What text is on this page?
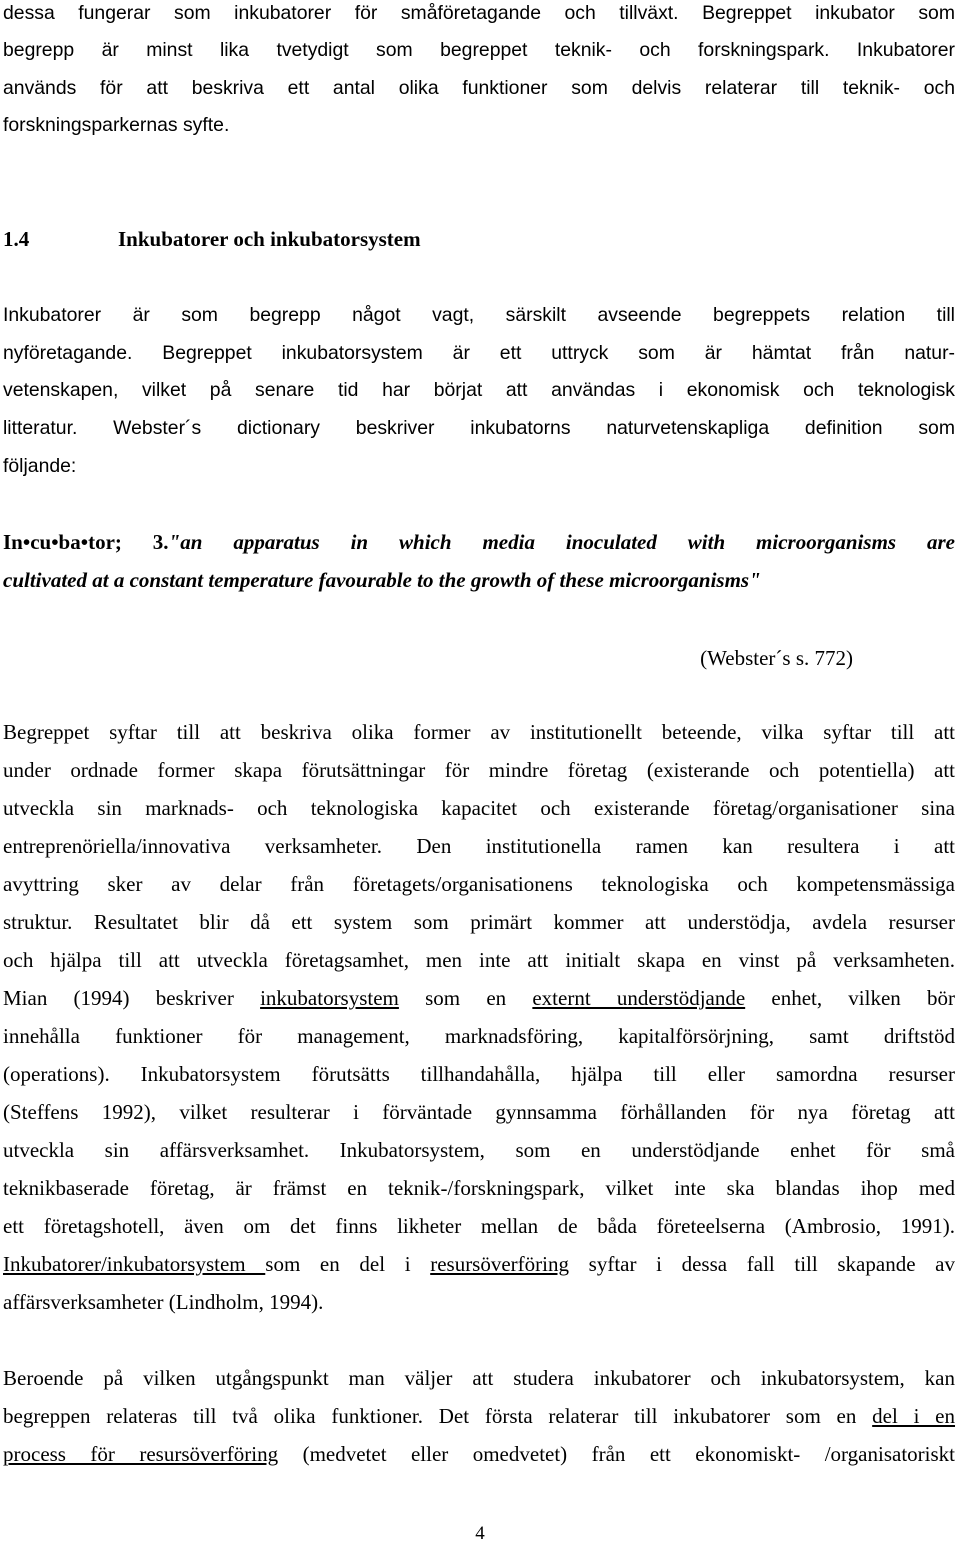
dessa fungerar som inkubatorer för småföretagande och tillväxt. Begreppet inkubator som
begrepp är minst lika tvetydigt som begreppet teknik- och forskningspark. Inkubatorer
används för att beskriva ett antal olika funktioner som delvis relaterar till teknik- och
forskningsparkernas syfte.
1.4	Inkubatorer och inkubatorsystem
Inkubatorer är som begrepp något vagt, särskilt avseende begreppets relation till
nyföretagande. Begreppet inkubatorsystem är ett uttryck som är hämtat från natur-
vetenskapen, vilket på senare tid har börjat att användas i ekonomisk och teknologisk
litteratur. Webster´s dictionary beskriver inkubatorns naturvetenskapliga definition som
följande:
In•cu•ba•tor; 3."an apparatus in which media inoculated with microorganisms are
cultivated at a constant temperature favourable to the growth of these microorganisms"
(Webster´s s. 772)
Begreppet syftar till att beskriva olika former av institutionellt beteende, vilka syftar till att
under ordnade former skapa förutsättningar för mindre företag (existerande och potentiella) att
utveckla sin marknads- och teknologiska kapacitet och existerande företag/organisationer sina
entreprenöriella/innovativa verksamheter. Den institutionella ramen kan resultera i att
avyttring sker av delar från företagets/organisationens teknologiska och kompetensmässiga
struktur. Resultatet blir då ett system som primärt kommer att understödja, avdela resurser
och hjälpa till att utveckla företagsamhet, men inte att initialt skapa en vinst på verksamheten.
Mian (1994) beskriver inkubatorsystem som en externt understödjande enhet, vilken bör
innehålla funktioner för management, marknadsföring, kapitalförsörjning, samt driftstöd
(operations). Inkubatorsystem förutsätts tillhandahålla, hjälpa till eller samordna resurser
(Steffens 1992), vilket resulterar i förväntade gynnsamma förhållanden för nya företag att
utveckla sin affärsverksamhet. Inkubatorsystem, som en understödjande enhet för små
teknikbaserade företag, är främst en teknik-/forskningspark, vilket inte ska blandas ihop med
ett företagshotell, även om det finns likheter mellan de båda företeelserna (Ambrosio, 1991).
Inkubatorer/inkubatorsystem som en del i resursöverföring syftar i dessa fall till skapande av
affärsverksamheter (Lindholm, 1994).
Beroende på vilken utgångspunkt man väljer att studera inkubatorer och inkubatorsystem, kan
begreppen relateras till två olika funktioner. Det första relaterar till inkubatorer som en del i en
process för resursöverföring (medvetet eller omedvetet) från ett ekonomiskt- /organisatoriskt
4
